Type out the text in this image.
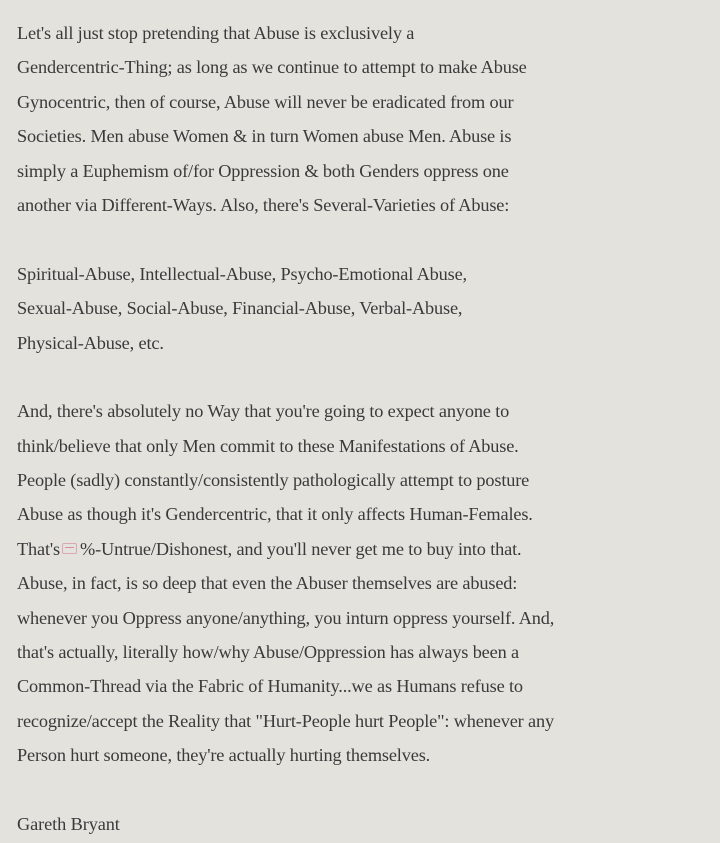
Let's all just stop pretending that Abuse is exclusively a
Gendercentric-Thing; as long as we continue to attempt to make Abuse
Gynocentric, then of course, Abuse will never be eradicated from our
Societies. Men abuse Women & in turn Women abuse Men. Abuse is
simply a Euphemism of/for Oppression & both Genders oppress one
another via Different-Ways. Also, there's Several-Varieties of Abuse:
Spiritual-Abuse, Intellectual-Abuse, Psycho-Emotional Abuse,
Sexual-Abuse, Social-Abuse, Financial-Abuse, Verbal-Abuse,
Physical-Abuse, etc.
And, there's absolutely no Way that you're going to expect anyone to
think/believe that only Men commit to these Manifestations of Abuse.
People (sadly) constantly/consistently pathologically attempt to posture
Abuse as though it's Gendercentric, that it only affects Human-Females.
That's %-Untrue/Dishonest, and you'll never get me to buy into that.
Abuse, in fact, is so deep that even the Abuser themselves are abused:
whenever you Oppress anyone/anything, you inturn oppress yourself. And,
that's actually, literally how/why Abuse/Oppression has always been a
Common-Thread via the Fabric of Humanity...we as Humans refuse to
recognize/accept the Reality that "Hurt-People hurt People": whenever any
Person hurt someone, they're actually hurting themselves.
Gareth Bryant
